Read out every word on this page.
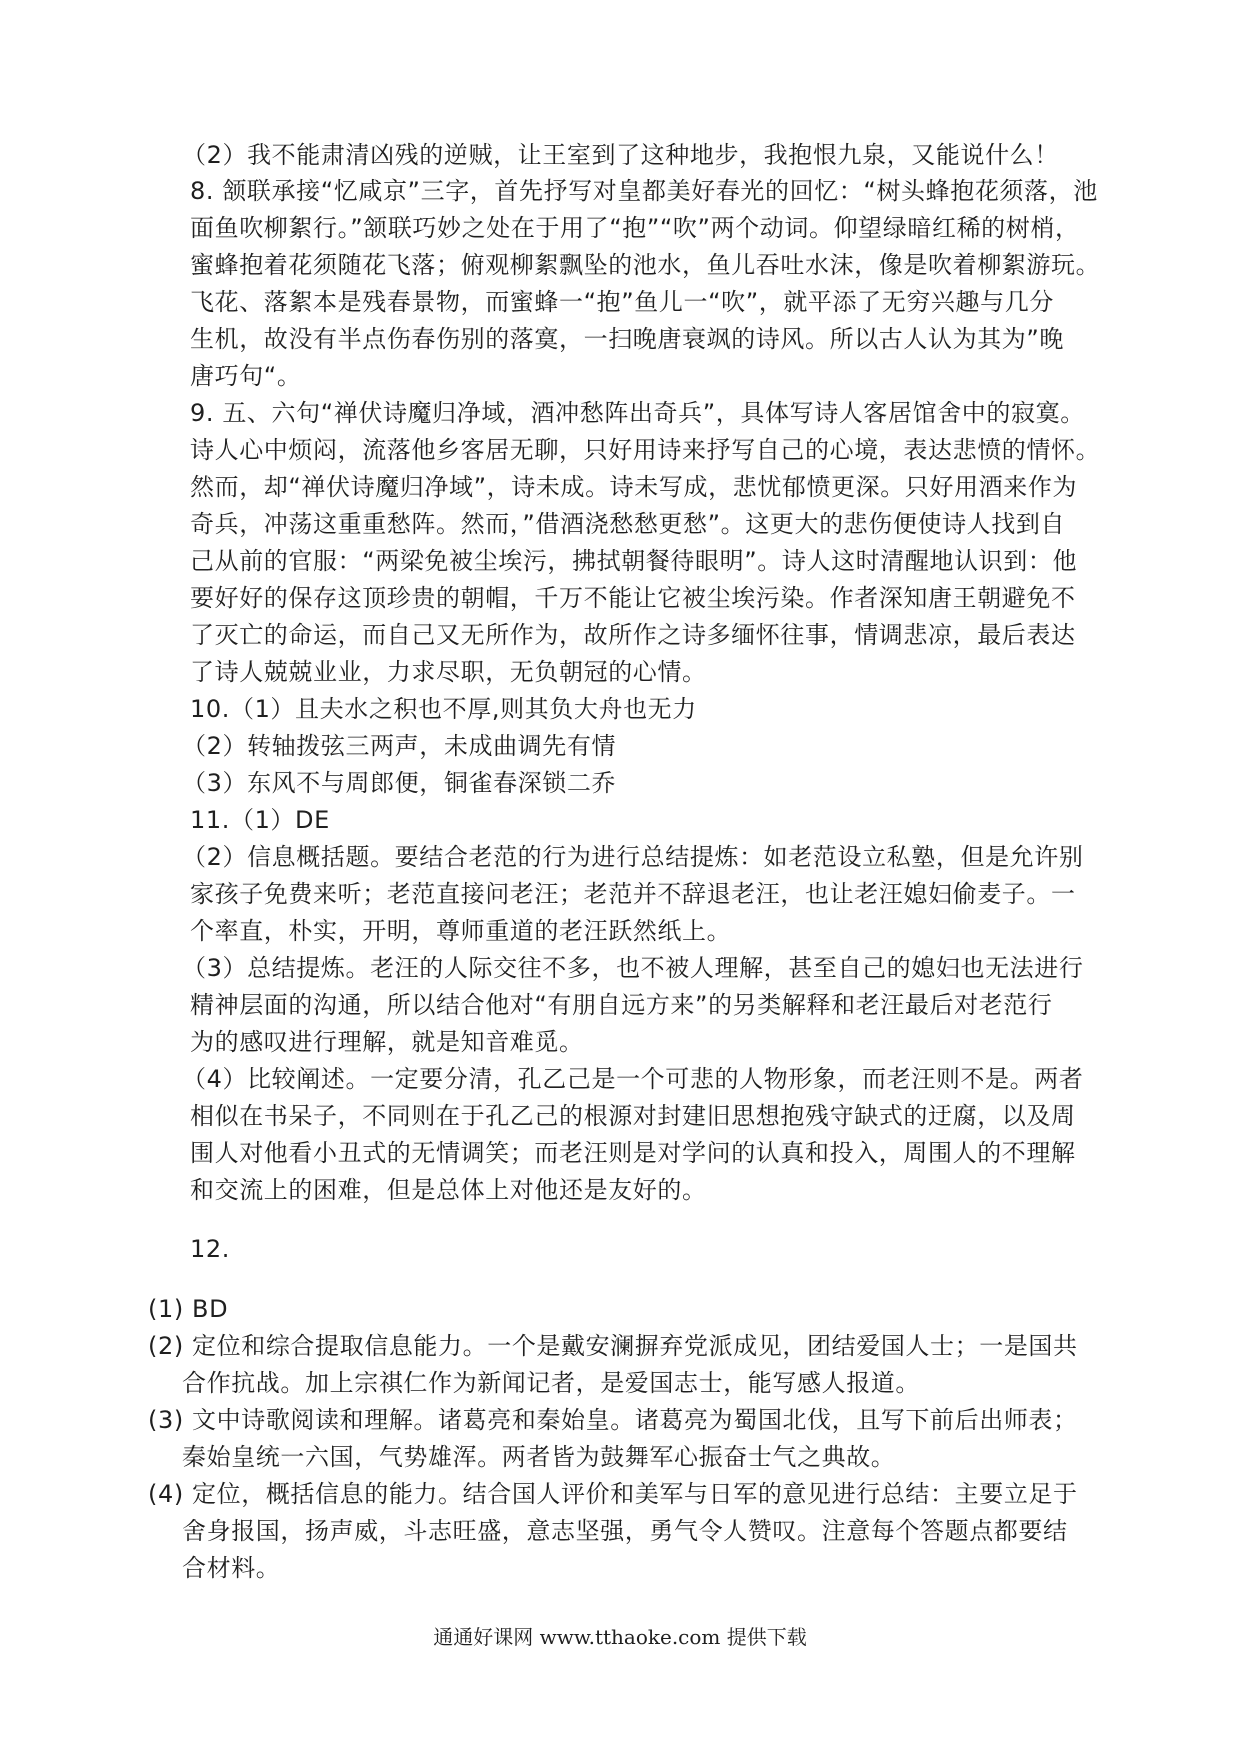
（2）我不能肃清凶残的逆贼，让王室到了这种地步，我抱恨九泉，又能说什么！
8. 颔联承接“忆咸京”三字，首先抒写对皇都美好春光的回忆：“树头蜂抱花须落，池
面鱼吹柳絮行。”颔联巧妙之处在于用了“抱”“吹”两个动词。仰望绿暗红稀的树梢，
蜜蜂抱着花须随花飞落；俯观柳絮飘坠的池水，鱼儿吞吐水沫，像是吹着柳絮游玩。
飞花、落絮本是残春景物，而蜜蜂一“抱”鱼儿一“吹”，就平添了无穷兴趣与几分
生机，故没有半点伤春伤别的落寞，一扫晚唐衰飒的诗风。所以古人认为其为”晚
唐巧句“。
9. 五、六句“禅伏诗魔归净域，酒冲愁阵出奇兵”，具体写诗人客居馆舍中的寂寞。
诗人心中烦闷，流落他乡客居无聊，只好用诗来抒写自己的心境，表达悲愤的情怀。
然而，却“禅伏诗魔归净域”，诗未成。诗未写成，悲忧郁愤更深。只好用酒来作为
奇兵，冲荡这重重愁阵。然而，”借酒浇愁愁更愁”。这更大的悲伤便使诗人找到自
己从前的官服：“两梁免被尘埃污，拂拭朝餐待眼明”。诗人这时清醒地认识到：他
要好好的保存这顶珍贵的朝帽，千万不能让它被尘埃污染。作者深知唐王朝避免不
了灭亡的命运，而自己又无所作为，故所作之诗多缅怀往事，情调悲凉，最后表达
了诗人兢兢业业，力求尽职，无负朝冠的心情。
10.（1）且夫水之积也不厚,则其负大舟也无力
（2）转轴拨弦三两声，未成曲调先有情
（3）东风不与周郎便，铜雀春深锁二乔
11.（1）DE
（2）信息概括题。要结合老范的行为进行总结提炼：如老范设立私塾，但是允许别
家孩子免费来听；老范直接问老汪；老范并不辞退老汪，也让老汪媳妇偷麦子。一
个率直，朴实，开明，尊师重道的老汪跃然纸上。
（3）总结提炼。老汪的人际交往不多，也不被人理解，甚至自己的媳妇也无法进行
精神层面的沟通，所以结合他对“有朋自远方来”的另类解释和老汪最后对老范行
为的感叹进行理解，就是知音难觅。
（4）比较阐述。一定要分清，孔乙己是一个可悲的人物形象，而老汪则不是。两者
相似在书呆子，不同则在于孔乙己的根源对封建旧思想抱残守缺式的迂腐，以及周
围人对他看小丑式的无情调笑；而老汪则是对学问的认真和投入，周围人的不理解
和交流上的困难，但是总体上对他还是友好的。
12.
(1) BD
(2) 定位和综合提取信息能力。一个是戴安澜摒弃党派成见，团结爱国人士；一是国共
合作抗战。加上宗祺仁作为新闻记者，是爱国志士，能写感人报道。
(3) 文中诗歌阅读和理解。诸葛亮和秦始皇。诸葛亮为蜀国北伐，且写下前后出师表；
秦始皇统一六国，气势雄浑。两者皆为鼓舞军心振奋士气之典故。
(4) 定位，概括信息的能力。结合国人评价和美军与日军的意见进行总结：主要立足于
舍身报国，扬声威，斗志旺盛，意志坚强，勇气令人赞叹。注意每个答题点都要结
合材料。
通通好课网 www.tthaoke.com 提供下载
